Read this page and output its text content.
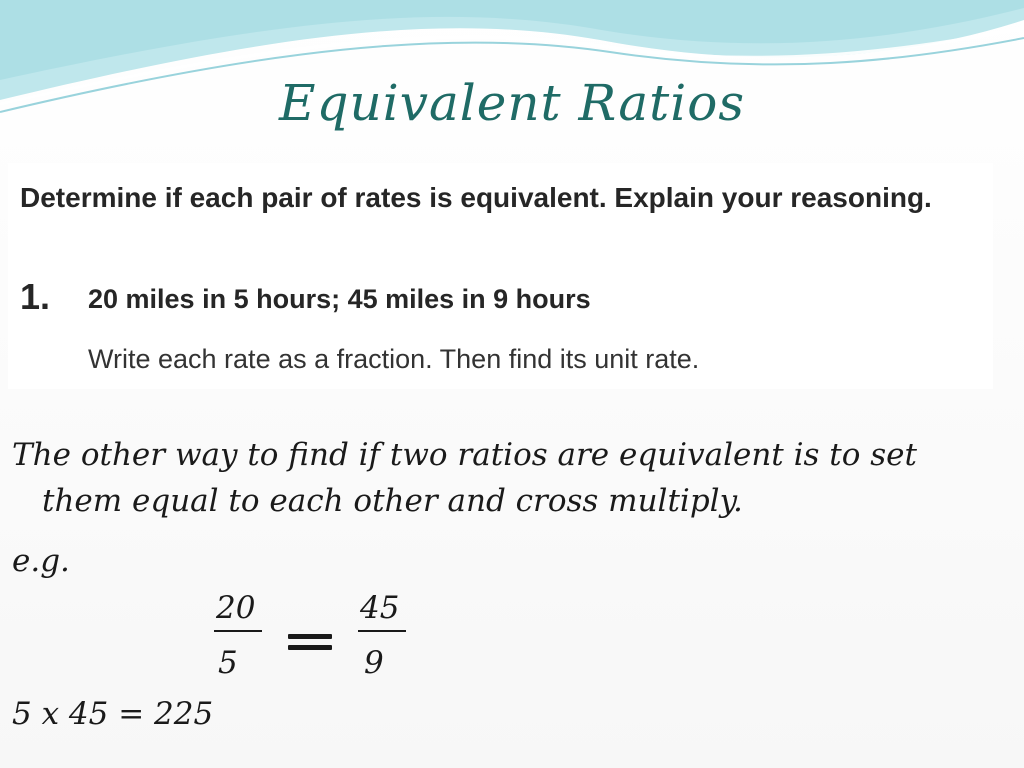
Equivalent Ratios
Determine if each pair of rates is equivalent. Explain your reasoning.
1. 20 miles in 5 hours; 45 miles in 9 hours
Write each rate as a fraction. Then find its unit rate.
The other way to find if two ratios are equivalent is to set
them equal to each other and cross multiply.
e.g.
20
5
45
9
5 x 45 = 225
